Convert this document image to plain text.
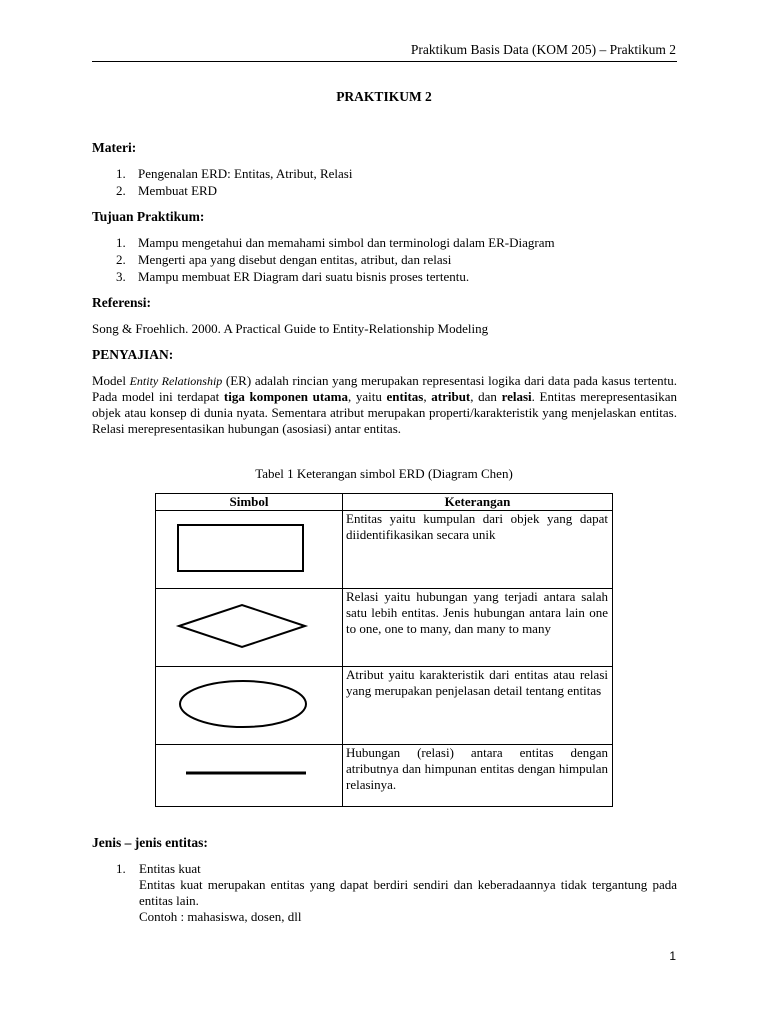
Praktikum Basis Data (KOM 205) – Praktikum 2
PRAKTIKUM 2
Materi:
1. Pengenalan ERD: Entitas, Atribut, Relasi
2. Membuat ERD
Tujuan Praktikum:
1. Mampu mengetahui dan memahami simbol dan terminologi dalam ER-Diagram
2. Mengerti apa yang disebut dengan entitas, atribut, dan relasi
3. Mampu membuat ER Diagram dari suatu bisnis proses tertentu.
Referensi:
Song & Froehlich. 2000. A Practical Guide to Entity-Relationship Modeling
PENYAJIAN:
Model Entity Relationship (ER) adalah rincian yang merupakan representasi logika dari data pada kasus tertentu. Pada model ini terdapat tiga komponen utama, yaitu entitas, atribut, dan relasi. Entitas merepresentasikan objek atau konsep di dunia nyata. Sementara atribut merupakan properti/karakteristik yang menjelaskan entitas. Relasi merepresentasikan hubungan (asosiasi) antar entitas.
Tabel 1 Keterangan simbol ERD (Diagram Chen)
Simbol	Keterangan

	Entitas yaitu kumpulan dari objek yang dapat diidentifikasikan secara unik

	Relasi yaitu hubungan yang terjadi antara salah satu lebih entitas. Jenis hubungan antara lain one to one, one to many, dan many to many

	Atribut yaitu karakteristik dari entitas atau relasi yang merupakan penjelasan detail tentang entitas

	Hubungan (relasi) antara entitas dengan atributnya dan himpunan entitas dengan himpulan relasinya.
Jenis – jenis entitas:
1. Entitas kuat
Entitas kuat merupakan entitas yang dapat berdiri sendiri dan keberadaannya tidak tergantung pada entitas lain.
Contoh : mahasiswa, dosen, dll
1
